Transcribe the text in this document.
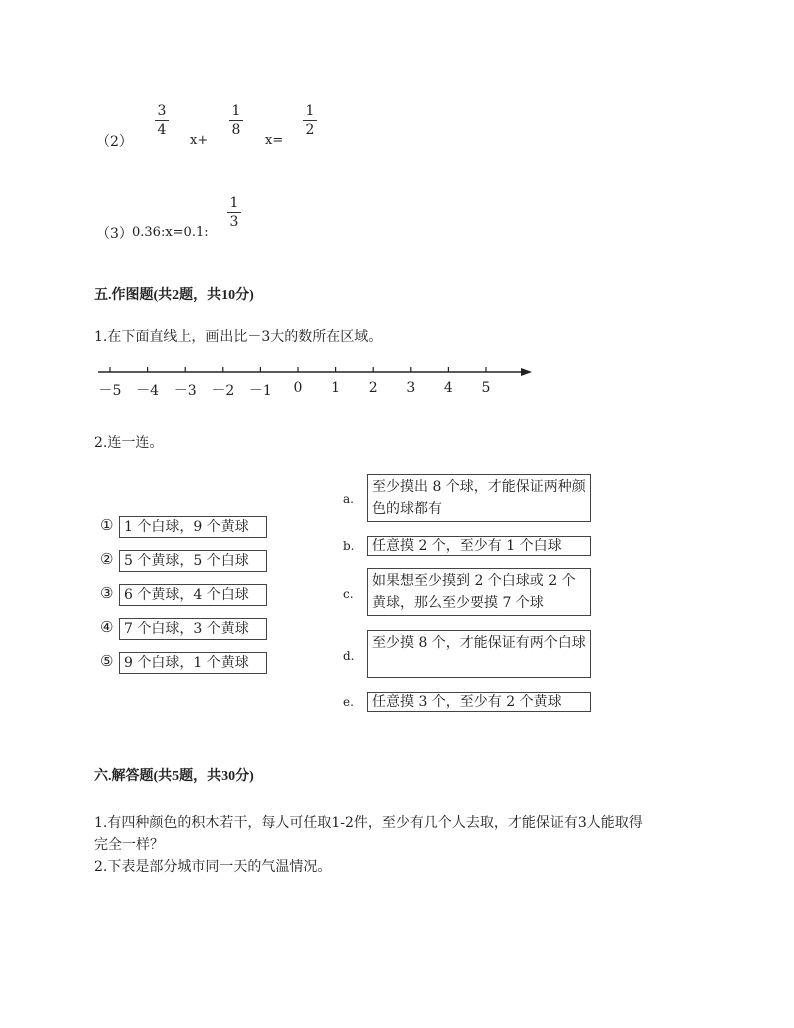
（2）
3
4
x+
1
8
x=
1
2
（3） 0.36:x=0.1:
1
3
五.作图题(共2题，共10分)
1.在下面直线上，画出比－3大的数所在区域。
－5 －4 －3 －2 －1	0	1	2	3	4	5
2.连一连。
① 1 个白球，9 个黄球
② 5 个黄球，5 个白球
③ 6 个黄球，4 个白球
④ 7 个白球，3 个黄球
⑤ 9 个白球，1 个黄球
a.
至少摸出 8 个球，才能保证两种颜色的球都有
b.	任意摸 2 个，至少有 1 个白球
c.
如果想至少摸到 2 个白球或 2 个黄球，那么至少要摸 7 个球
d.
至少摸 8 个，才能保证有两个白球
e.	任意摸 3 个，至少有 2 个黄球
六.解答题(共5题，共30分)
1.有四种颜色的积木若干，每人可任取1-2件，至少有几个人去取，才能保证有3人能取得
完全一样？
2.下表是部分城市同一天的气温情况。
